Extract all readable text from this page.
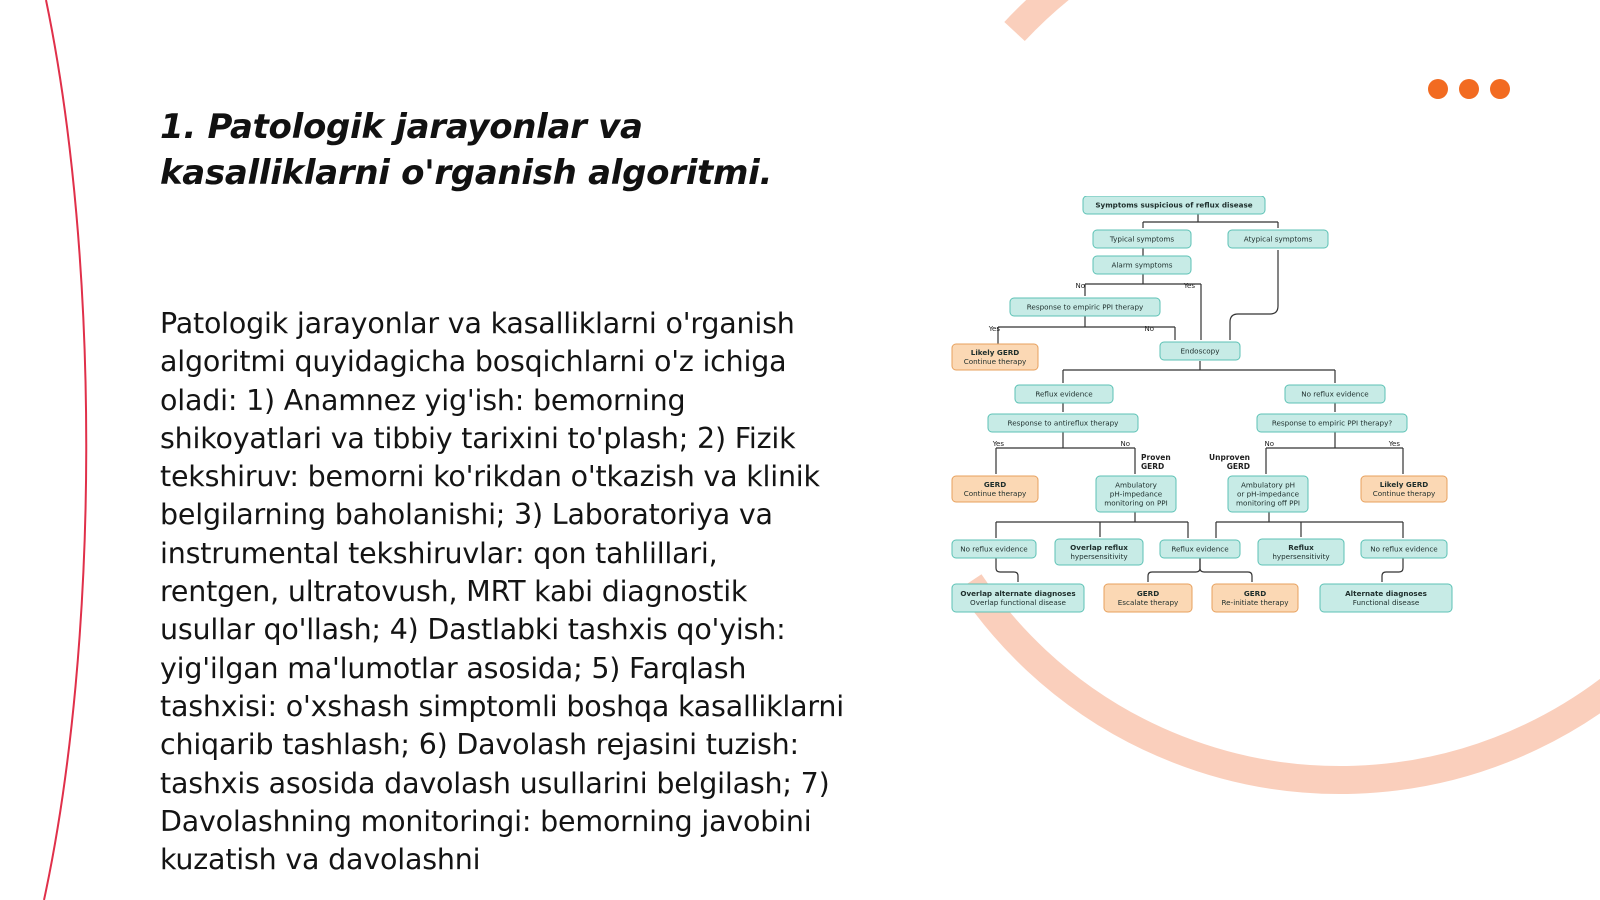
1. Patologik jarayonlar va kasalliklarni o'rganish algoritmi.

Patologik jarayonlar va kasalliklarni o'rganish algoritmi quyidagicha bosqichlarni o'z ichiga oladi: 1) Anamnez yig'ish: bemorning shikoyatlari va tibbiy tarixini to'plash; 2) Fizik tekshiruv: bemorni ko'rikdan o'tkazish va klinik belgilarning baholanishi; 3) Laboratoriya va instrumental tekshiruvlar: qon tahlillari, rentgen, ultratovush, MRT kabi diagnostik usullar qo'llash; 4) Dastlabki tashxis qo'yish: yig'ilgan ma'lumotlar asosida; 5) Farqlash tashxisi: o'xshash simptomli boshqa kasalliklarni chiqarib tashlash; 6) Davolash rejasini tuzish: tashxis asosida davolash usullarini belgilash; 7) Davolashning monitoringi: bemorning javobini kuzatish va davolashni

Symptoms suspicious of reflux disease
Typical symptoms	Atypical symptoms
Alarm symptoms
Response to empiric PPI therapy
Likely GERD
Continue therapy
Endoscopy
Reflux evidence	No reflux evidence
Response to antireflux therapy	Response to empiric PPI therapy?
GERD
Continue therapy
Ambulatory
pH-impedance
monitoring on PPI
Ambulatory pH
or pH-impedance
monitoring off PPI
Likely GERD
Continue therapy
No reflux evidence	Overlap reflux
hypersensitivity
Reflux evidence	Reflux
hypersensitivity
No reflux evidence
Overlap alternate diagnoses
Overlap functional disease
GERD
Escalate therapy
GERD
Re-initiate therapy
Alternate diagnoses
Functional disease
No	Yes
Yes	No
Yes	No
Proven
GERD
Unproven
GERD
No	Yes
